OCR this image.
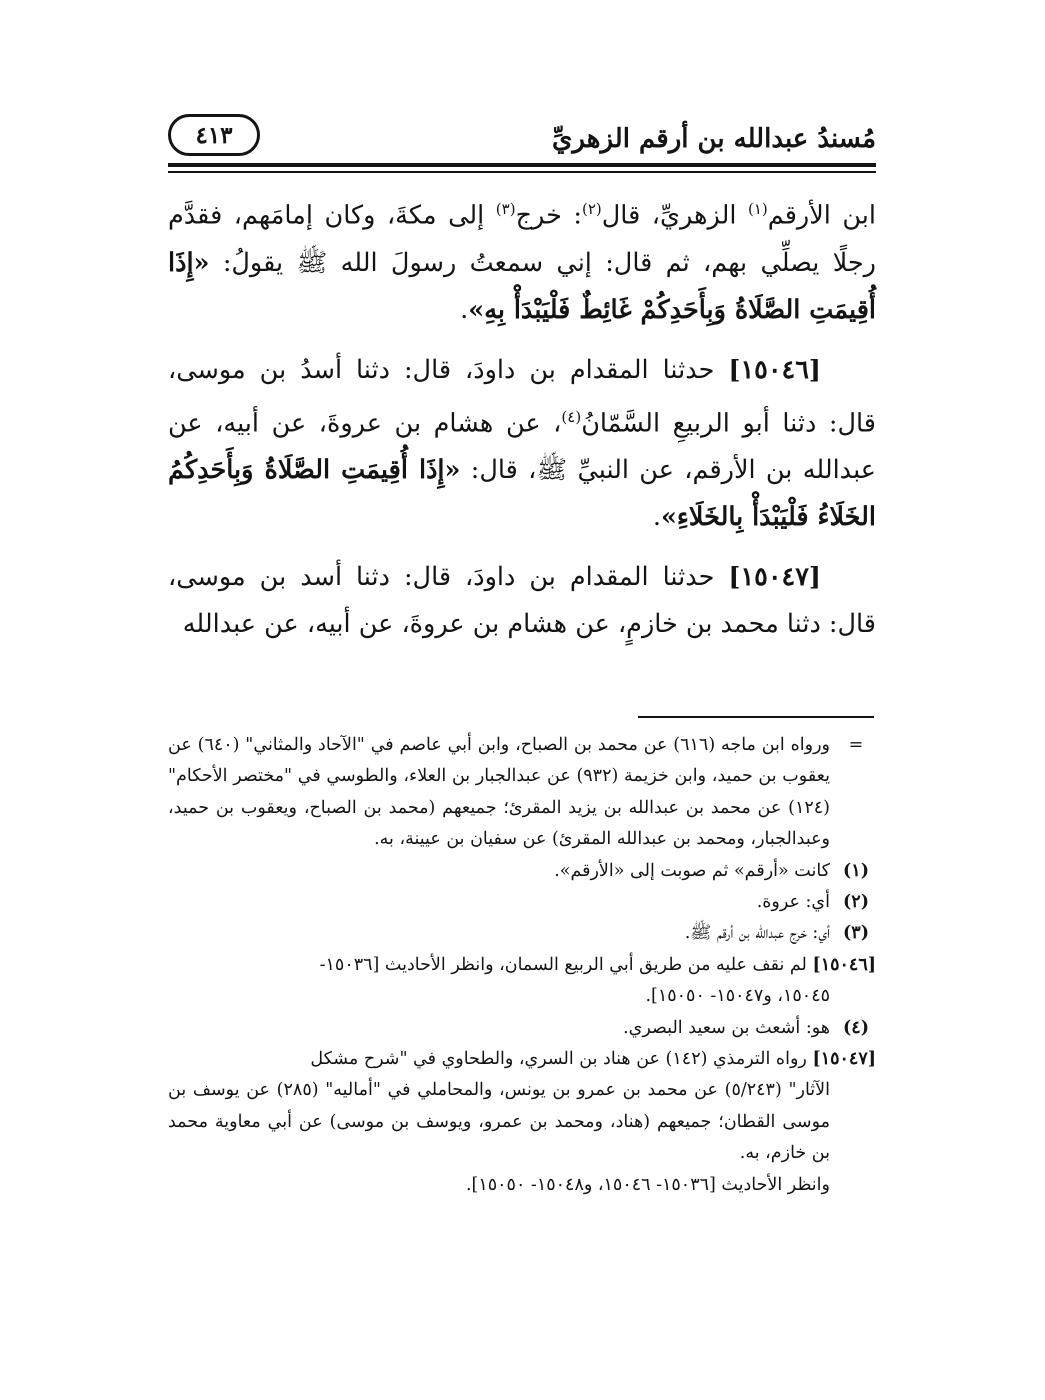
مُسندُ عبدالله بن أرقم الزهريِّ
٤١٣

ابن الأرقم$^{(١)}$ الزهريِّ، قال$^{(٢)}$: خرج$^{(٣)}$ إلى مكةَ، وكان إمامَهم، فقدَّم رجلًا يصلِّي بهم، ثم قال: إني سمعتُ رسولَ الله ﷺ يقولُ: «إِذَا أُقِيمَتِ الصَّلَاةُ وَبِأَحَدِكُمْ غَائِطٌ فَلْيَبْدَأْ بِهِ».

[١٥٠٤٦] حدثنا المقدام بن داودَ، قال: دثنا أسدُ بن موسى، قال: دثنا أبو الربيعِ السَّمّانُ$^{(٤)}$، عن هشام بن عروةَ، عن أبيه، عن عبدالله بن الأرقم، عن النبيِّ ﷺ، قال: «إِذَا أُقِيمَتِ الصَّلَاةُ وَبِأَحَدِكُمُ الخَلَاءُ فَلْيَبْدَأْ بِالخَلَاءِ».

[١٥٠٤٧] حدثنا المقدام بن داودَ، قال: دثنا أسد بن موسى، قال: دثنا محمد بن خازمٍ، عن هشام بن عروةَ، عن أبيه، عن عبدالله

=
ورواه ابن ماجه (٦١٦) عن محمد بن الصباح، وابن أبي عاصم في "الآحاد والمثاني" (٦٤٠) عن يعقوب بن حميد، وابن خزيمة (٩٣٢) عن عبدالجبار بن العلاء، والطوسي في "مختصر الأحكام" (١٢٤) عن محمد بن عبدالله بن يزيد المقرئ؛ جميعهم (محمد بن الصباح، ويعقوب بن حميد، وعبدالجبار، ومحمد بن عبدالله المقرئ) عن سفيان بن عيينة، به.
(١)
كانت «أرقم» ثم صوبت إلى «الأرقم».
(٢)
أي: عروة.
(٣)
أي: خرج عبدالله بن أرقم ﷺ.
[١٥٠٤٦] لم نقف عليه من طريق أبي الربيع السمان، وانظر الأحاديث [١٥٠٣٦-
١٥٠٤٥، و١٥٠٤٧- ١٥٠٥٠].
(٤)
هو: أشعث بن سعيد البصري.
[١٥٠٤٧] رواه الترمذي (١٤٢) عن هناد بن السري، والطحاوي في "شرح مشكل
الآثار" (٥/٢٤٣) عن محمد بن عمرو بن يونس، والمحاملي في "أماليه" (٢٨٥) عن يوسف بن موسى القطان؛ جميعهم (هناد، ومحمد بن عمرو، ويوسف بن موسى) عن أبي معاوية محمد بن خازم، به.
وانظر الأحاديث [١٥٠٣٦- ١٥٠٤٦، و١٥٠٤٨- ١٥٠٥٠].
